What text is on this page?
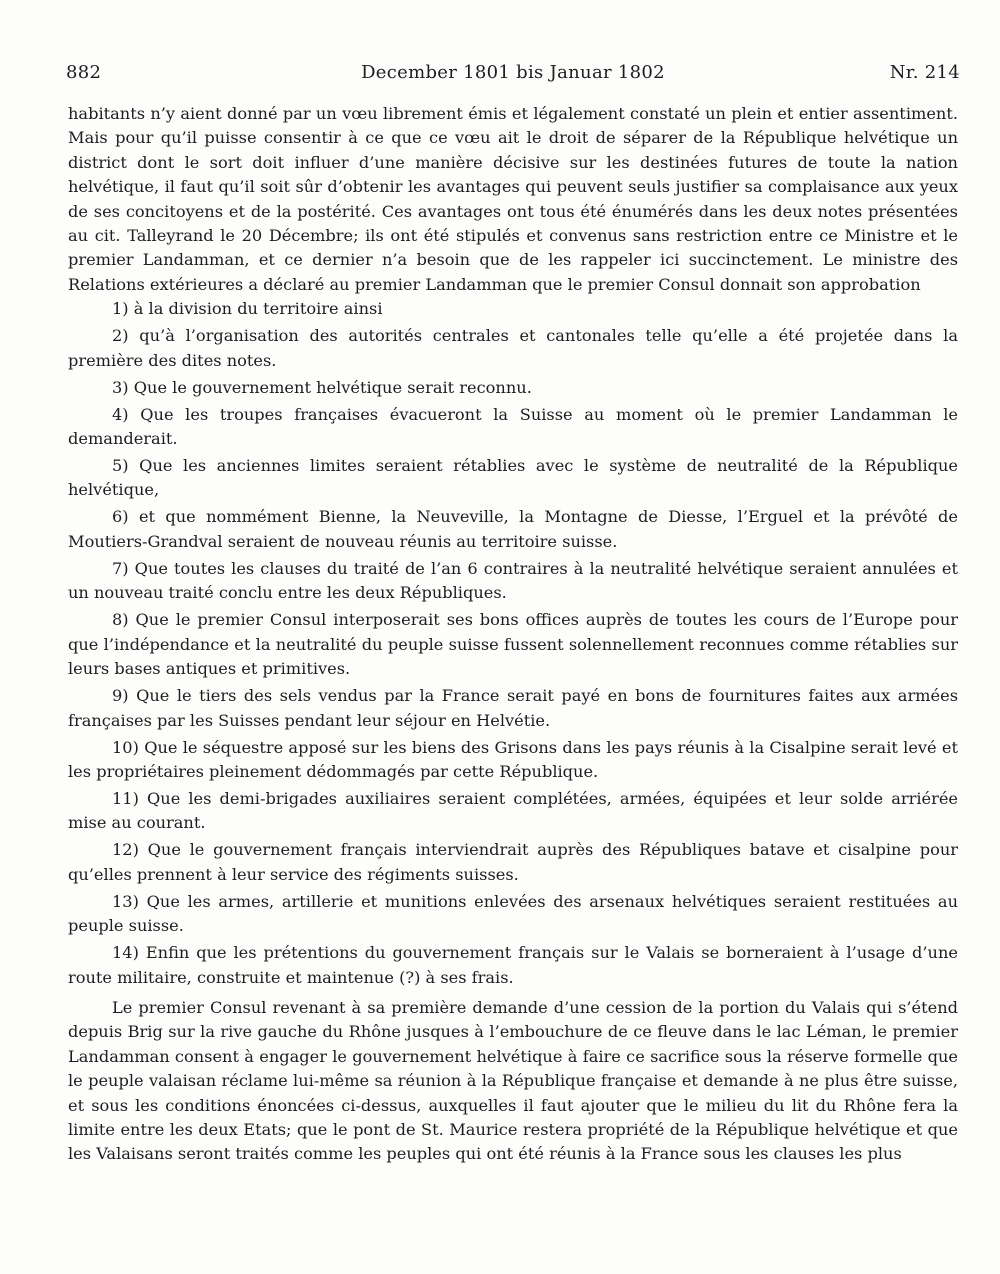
882	December 1801 bis Januar 1802	Nr. 214

habitants n’y aient donné par un vœu librement émis et légalement constaté un plein et entier assentiment. Mais pour qu’il puisse consentir à ce que ce vœu ait le droit de séparer de la République helvétique un district dont le sort doit influer d’une manière décisive sur les destinées futures de toute la nation helvétique, il faut qu’il soit sûr d’obtenir les avantages qui peuvent seuls justifier sa complaisance aux yeux de ses concitoyens et de la postérité. Ces avantages ont tous été énumérés dans les deux notes présentées au cit. Talleyrand le 20 Décembre; ils ont été stipulés et convenus sans restriction entre ce Ministre et le premier Landamman, et ce dernier n’a besoin que de les rappeler ici succinctement. Le ministre des Relations extérieures a déclaré au premier Landamman que le premier Consul donnait son approbation

1) à la division du territoire ainsi

2) qu’à l’organisation des autorités centrales et cantonales telle qu’elle a été projetée dans la première des dites notes.

3) Que le gouvernement helvétique serait reconnu.

4) Que les troupes françaises évacueront la Suisse au moment où le premier Landamman le demanderait.

5) Que les anciennes limites seraient rétablies avec le système de neutralité de la République helvétique,

6) et que nommément Bienne, la Neuveville, la Montagne de Diesse, l’Erguel et la prévôté de Moutiers-Grandval seraient de nouveau réunis au territoire suisse.

7) Que toutes les clauses du traité de l’an 6 contraires à la neutralité helvétique seraient annulées et un nouveau traité conclu entre les deux Républiques.

8) Que le premier Consul interposerait ses bons offices auprès de toutes les cours de l’Europe pour que l’indépendance et la neutralité du peuple suisse fussent solennellement reconnues comme rétablies sur leurs bases antiques et primitives.

9) Que le tiers des sels vendus par la France serait payé en bons de fournitures faites aux armées françaises par les Suisses pendant leur séjour en Helvétie.

10) Que le séquestre apposé sur les biens des Grisons dans les pays réunis à la Cisalpine serait levé et les propriétaires pleinement dédommagés par cette République.

11) Que les demi-brigades auxiliaires seraient complétées, armées, équipées et leur solde arriérée mise au courant.

12) Que le gouvernement français interviendrait auprès des Républiques batave et cisalpine pour qu’elles prennent à leur service des régiments suisses.

13) Que les armes, artillerie et munitions enlevées des arsenaux helvétiques seraient restituées au peuple suisse.

14) Enfin que les prétentions du gouvernement français sur le Valais se borneraient à l’usage d’une route militaire, construite et maintenue (?) à ses frais.

Le premier Consul revenant à sa première demande d’une cession de la portion du Valais qui s’étend depuis Brig sur la rive gauche du Rhône jusques à l’embouchure de ce fleuve dans le lac Léman, le premier Landamman consent à engager le gouvernement helvétique à faire ce sacrifice sous la réserve formelle que le peuple valaisan réclame lui-même sa réunion à la République française et demande à ne plus être suisse, et sous les conditions énoncées ci-dessus, auxquelles il faut ajouter que le milieu du lit du Rhône fera la limite entre les deux Etats; que le pont de St. Maurice restera propriété de la République helvétique et que les Valaisans seront traités comme les peuples qui ont été réunis à la France sous les clauses les plus
